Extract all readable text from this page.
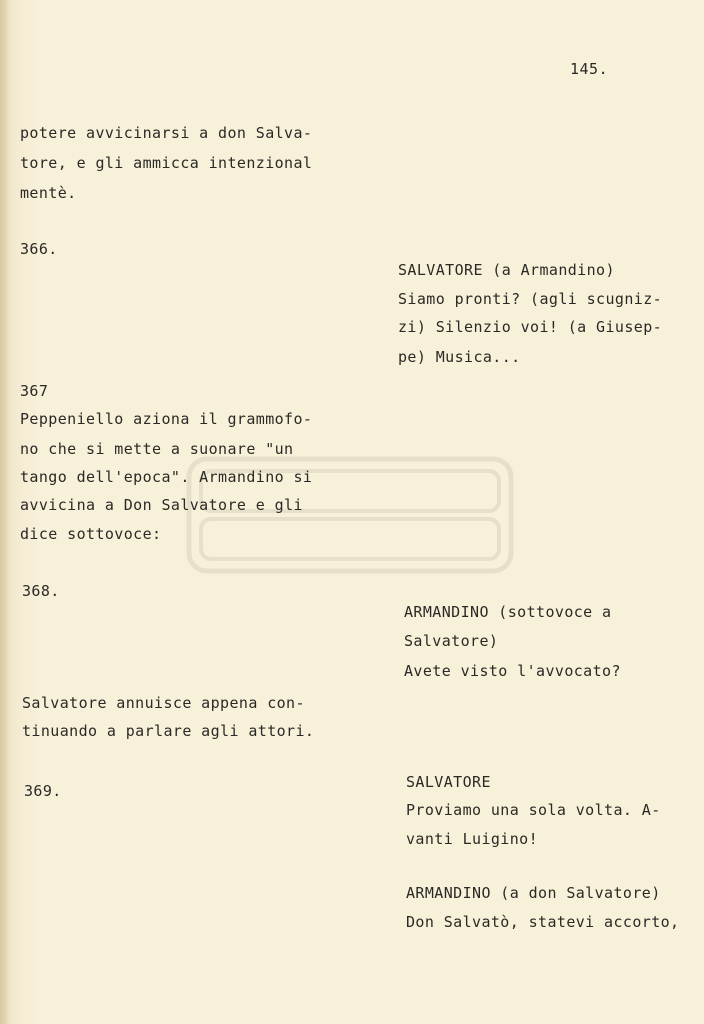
145.
potere avvicinarsi a don Salva-
tore, e gli ammicca intenzional
mentè.
366.
367
Peppeniello aziona il grammofo-
no che si mette a suonare "un
tango dell'epoca". Armandino si
avvicina a Don Salvatore e gli
dice sottovoce:
368.
Salvatore annuisce appena con-
tinuando a parlare agli attori.
369.
SALVATORE (a Armandino)
Siamo pronti? (agli scugniz-
zi) Silenzio voi! (a Giusep-
pe) Musica...
ARMANDINO (sottovoce a
Salvatore)
Avete visto l'avvocato?
SALVATORE
Proviamo una sola volta. A-
vanti Luigino!
ARMANDINO (a don Salvatore)
Don Salvatò, statevi accorto,
